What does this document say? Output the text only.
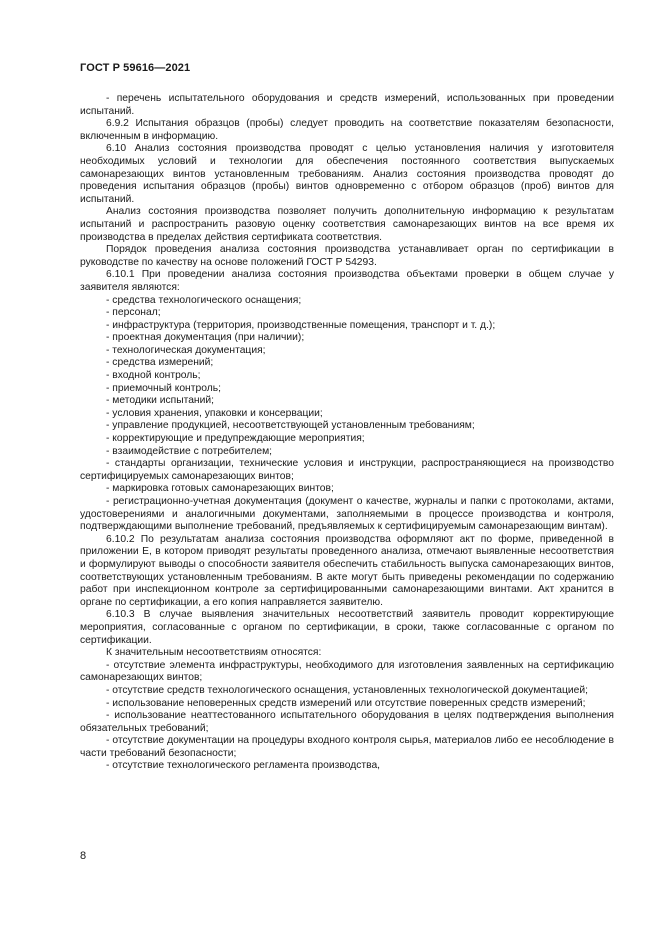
ГОСТ Р 59616—2021

- перечень испытательного оборудования и средств измерений, использованных при проведении испытаний.

6.9.2 Испытания образцов (пробы) следует проводить на соответствие показателям безопасности, включенным в информацию.

6.10 Анализ состояния производства проводят с целью установления наличия у изготовителя необходимых условий и технологии для обеспечения постоянного соответствия выпускаемых самонарезающих винтов установленным требованиям. Анализ состояния производства проводят до проведения испытания образцов (пробы) винтов одновременно с отбором образцов (проб) винтов для испытаний.

Анализ состояния производства позволяет получить дополнительную информацию к результатам испытаний и распространить разовую оценку соответствия самонарезающих винтов на все время их производства в пределах действия сертификата соответствия.

Порядок проведения анализа состояния производства устанавливает орган по сертификации в руководстве по качеству на основе положений ГОСТ Р 54293.

6.10.1 При проведении анализа состояния производства объектами проверки в общем случае у заявителя являются:

- средства технологического оснащения;

- персонал;

- инфраструктура (территория, производственные помещения, транспорт и т. д.);

- проектная документация (при наличии);

- технологическая документация;

- средства измерений;

- входной контроль;

- приемочный контроль;

- методики испытаний;

- условия хранения, упаковки и консервации;

- управление продукцией, несоответствующей установленным требованиям;

- корректирующие и предупреждающие мероприятия;

- взаимодействие с потребителем;

- стандарты организации, технические условия и инструкции, распространяющиеся на производство сертифицируемых самонарезающих винтов;

- маркировка готовых самонарезающих винтов;

- регистрационно-учетная документация (документ о качестве, журналы и папки с протоколами, актами, удостоверениями и аналогичными документами, заполняемыми в процессе производства и контроля, подтверждающими выполнение требований, предъявляемых к сертифицируемым самонарезающим винтам).

6.10.2 По результатам анализа состояния производства оформляют акт по форме, приведенной в приложении Е, в котором приводят результаты проведенного анализа, отмечают выявленные несоответствия и формулируют выводы о способности заявителя обеспечить стабильность выпуска самонарезающих винтов, соответствующих установленным требованиям. В акте могут быть приведены рекомендации по содержанию работ при инспекционном контроле за сертифицированными самонарезающими винтами. Акт хранится в органе по сертификации, а его копия направляется заявителю.

6.10.3 В случае выявления значительных несоответствий заявитель проводит корректирующие мероприятия, согласованные с органом по сертификации, в сроки, также согласованные с органом по сертификации.

К значительным несоответствиям относятся:

- отсутствие элемента инфраструктуры, необходимого для изготовления заявленных на сертификацию самонарезающих винтов;

- отсутствие средств технологического оснащения, установленных технологической документацией;

- использование неповеренных средств измерений или отсутствие поверенных средств измерений;

- использование неаттестованного испытательного оборудования в целях подтверждения выполнения обязательных требований;

- отсутствие документации на процедуры входного контроля сырья, материалов либо ее несоблюдение в части требований безопасности;

- отсутствие технологического регламента производства,

8
